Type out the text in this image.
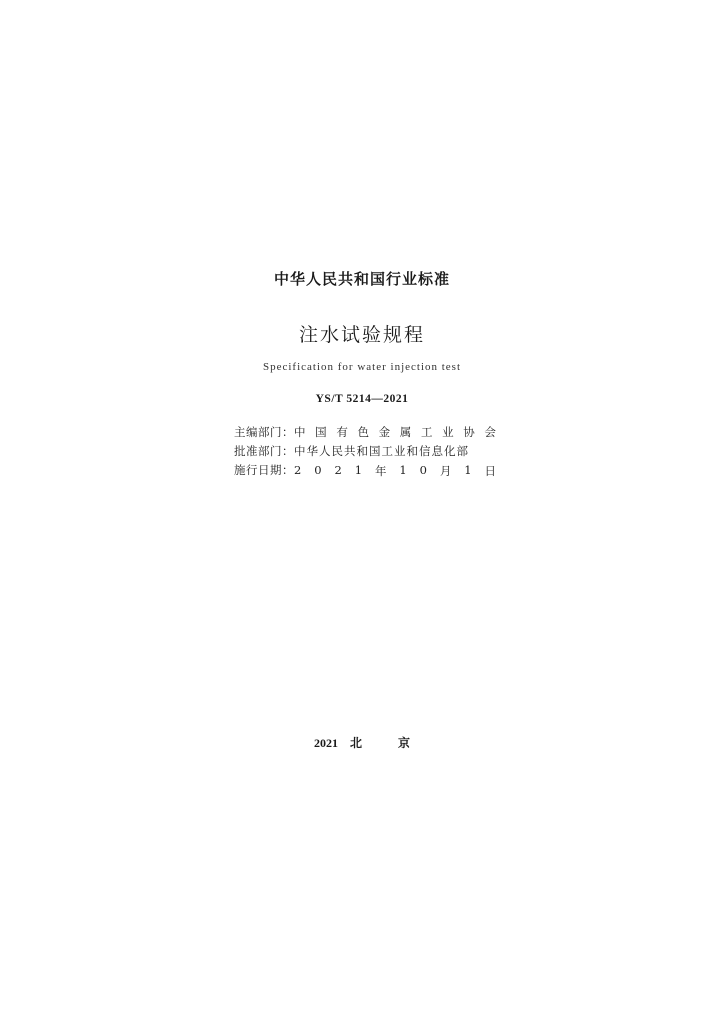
中华人民共和国行业标准
注水试验规程
Specification for water injection test
YS/T 5214—2021
主编部门： 中 国 有 色 金 属 工 业 协 会
批准部门： 中华人民共和国工业和信息化部
施行日期： 2 0 2 1 年 1 0 月 1 日
2021 北	京
